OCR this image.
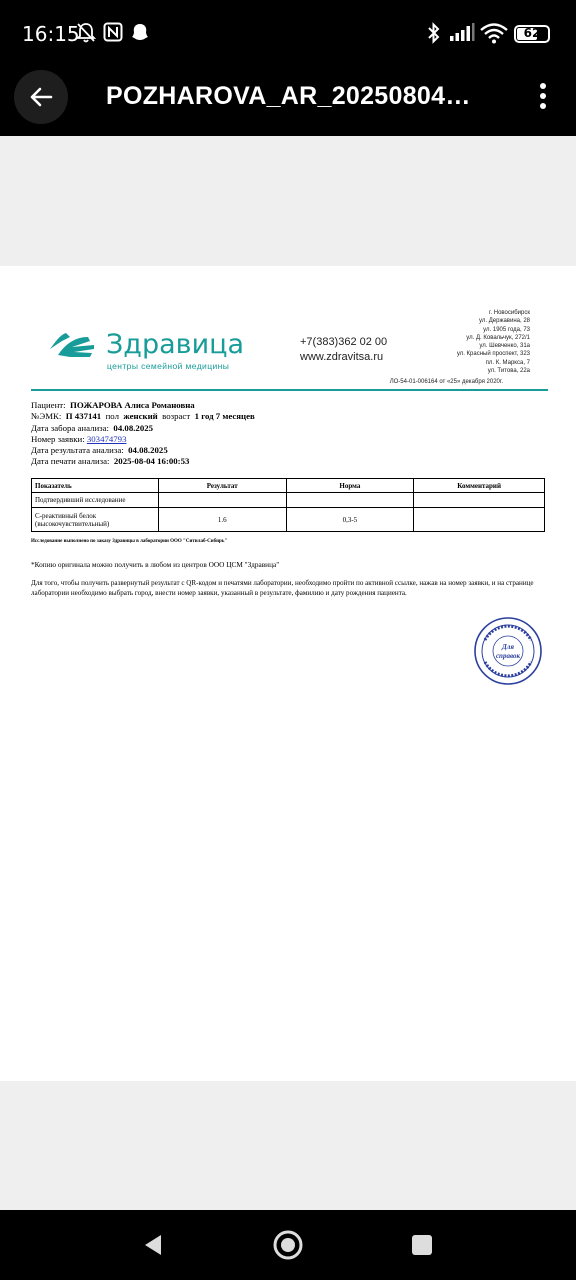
16:15	62
POZHAROVA_AR_20250804…
Здравица
центры семейной медицины
+7(383)362 02 00
www.zdravitsa.ru
г. Новосибирск
ул. Державина, 28
ул. 1905 года, 73
ул. Д. Ковальчук, 272/1
ул. Шевченко, 31а
ул. Красный проспект, 323
пл. К. Маркса, 7
ул. Титова, 22а
ЛО-54-01-006164 от «25» декабря 2020г.
Пациент: ПОЖАРОВА Алиса Романовна
№ЭМК: П 437141 пол женский возраст 1 год 7 месяцев
Дата забора анализа: 04.08.2025
Номер заявки: 303474793
Дата результата анализа: 04.08.2025
Дата печати анализа: 2025-08-04 16:00:53
Показатель	Результат	Норма	Комментарий
Подтвердивший исследование			
С-реактивный белок (высокочувствительный)	1.6	0,3-5	
Исследование выполнено по заказу Здравицы в лаборатории ООО "Ситилаб-Сибирь"
*Копию оригинала можно получить в любом из центров ООО ЦСМ "Здравица"
Для того, чтобы получить развернутый результат с QR-кодом и печатями лаборатории, необходимо пройти по активной ссылке, нажав на номер заявки, и на странице лаборатории необходимо выбрать город, внести номер заявки, указанный в результате, фамилию и дату рождения пациента.
Для
справок
